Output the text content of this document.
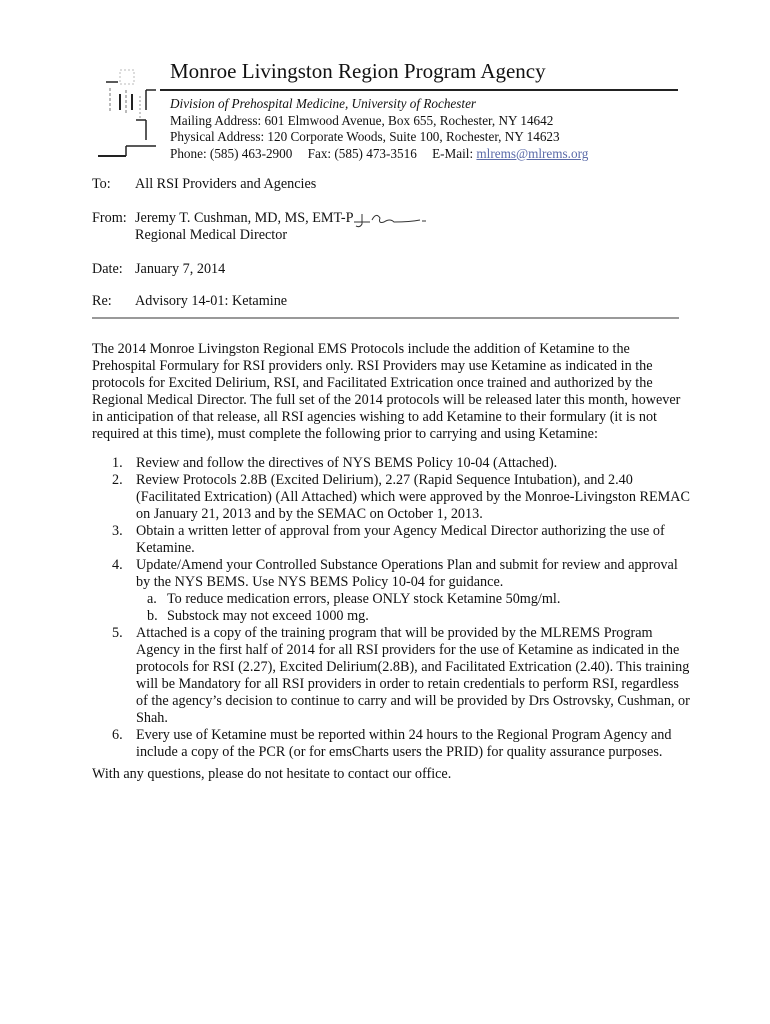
Monroe Livingston Region Program Agency
Division of Prehospital Medicine, University of Rochester
Mailing Address: 601 Elmwood Avenue, Box 655, Rochester, NY 14642
Physical Address: 120 Corporate Woods, Suite 100, Rochester, NY 14623
Phone: (585) 463-2900 Fax: (585) 473-3516 E-Mail: mlrems@mlrems.org
To: All RSI Providers and Agencies
From: Jeremy T. Cushman, MD, MS, EMT-P
Regional Medical Director
Date: January 7, 2014
Re: Advisory 14-01: Ketamine

The 2014 Monroe Livingston Regional EMS Protocols include the addition of Ketamine to the

Prehospital Formulary for RSI providers only. RSI Providers may use Ketamine as indicated in the

protocols for Excited Delirium, RSI, and Facilitated Extrication once trained and authorized by the

Regional Medical Director. The full set of the 2014 protocols will be released later this month, however

in anticipation of that release, all RSI agencies wishing to add Ketamine to their formulary (it is not

required at this time), must complete the following prior to carrying and using Ketamine:

1. Review and follow the directives of NYS BEMS Policy 10-04 (Attached).
2. Review Protocols 2.8B (Excited Delirium), 2.27 (Rapid Sequence Intubation), and 2.40
(Facilitated Extrication) (All Attached) which were approved by the Monroe-Livingston REMAC
on January 21, 2013 and by the SEMAC on October 1, 2013.
3. Obtain a written letter of approval from your Agency Medical Director authorizing the use of
Ketamine.
4. Update/Amend your Controlled Substance Operations Plan and submit for review and approval
by the NYS BEMS. Use NYS BEMS Policy 10-04 for guidance.
a. To reduce medication errors, please ONLY stock Ketamine 50mg/ml.
b. Substock may not exceed 1000 mg.
5. Attached is a copy of the training program that will be provided by the MLREMS Program
Agency in the first half of 2014 for all RSI providers for the use of Ketamine as indicated in the
protocols for RSI (2.27), Excited Delirium(2.8B), and Facilitated Extrication (2.40). This training
will be Mandatory for all RSI providers in order to retain credentials to perform RSI, regardless
of the agency’s decision to continue to carry and will be provided by Drs Ostrovsky, Cushman, or
Shah.
6. Every use of Ketamine must be reported within 24 hours to the Regional Program Agency and
include a copy of the PCR (or for emsCharts users the PRID) for quality assurance purposes.
With any questions, please do not hesitate to contact our office.
